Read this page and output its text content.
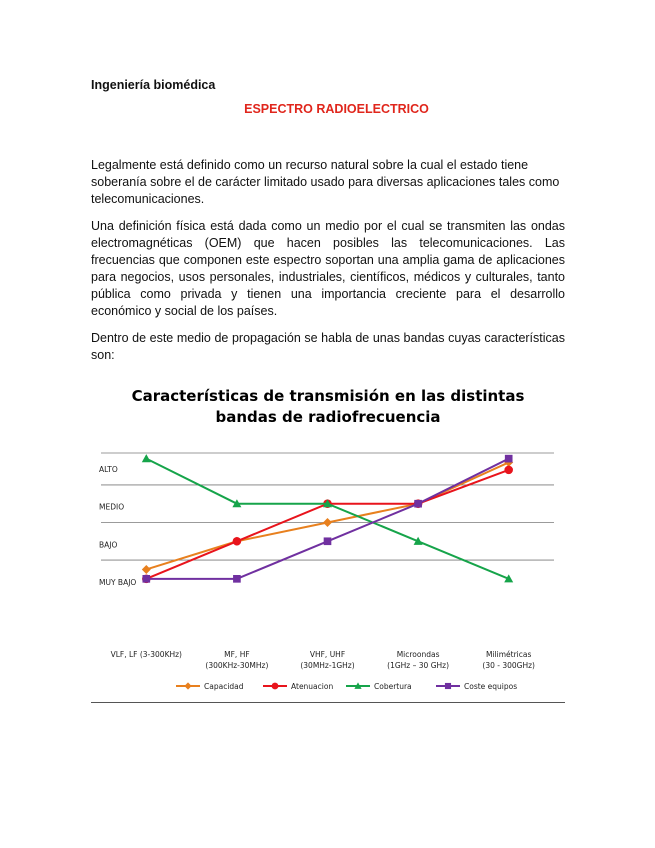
Ingeniería biomédica
ESPECTRO RADIOELECTRICO

Legalmente está definido como un recurso natural sobre la cual el estado tiene soberanía sobre el de carácter limitado usado para diversas aplicaciones tales como telecomunicaciones.

Una definición física está dada como un medio por el cual se transmiten las ondas electromagnéticas (OEM) que hacen posibles las telecomunicaciones. Las frecuencias que componen este espectro soportan una amplia gama de aplicaciones para negocios, usos personales, industriales, científicos, médicos y culturales, tanto pública como privada y tienen una importancia creciente para el desarrollo económico y social de los países.

Dentro de este medio de propagación se habla de unas bandas cuyas características son:

Características de transmisión en las distintas
bandas de radiofrecuencia
MUY BAJO
BAJO
MEDIO
ALTO
VLF, LF (3-300KHz)	MF, HF
(300KHz-30MHz)
VHF, UHF
(30MHz-1GHz)
Microondas
(1GHz – 30 GHz)
Milimétricas
(30 - 300GHz)
Capacidad	Atenuacion	Cobertura	Coste equipos
